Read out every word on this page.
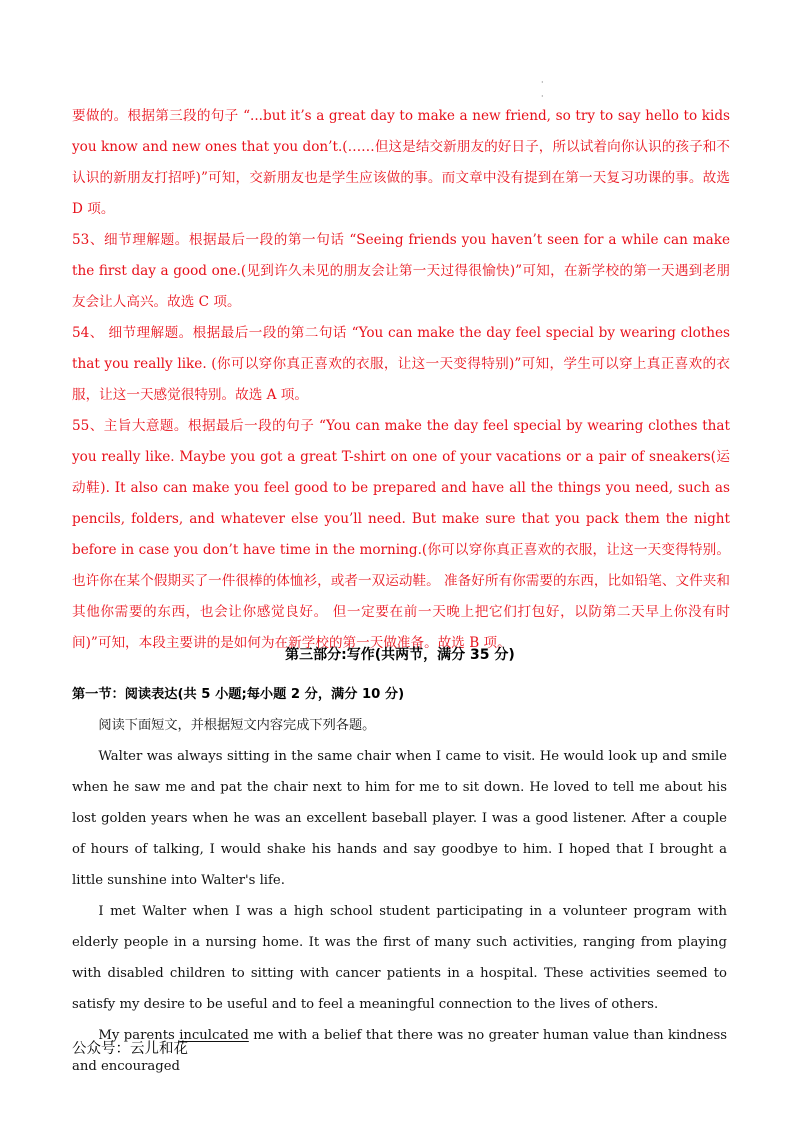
· ·

要做的。根据第三段的句子 “...but it’s a great day to make a new friend, so try to say hello to kids you know and new ones that you don’t.(……但这是结交新朋友的好日子，所以试着向你认识的孩子和不认识的新朋友打招呼)”可知，交新朋友也是学生应该做的事。而文章中没有提到在第一天复习功课的事。故选 D 项。

53、细节理解题。根据最后一段的第一句话 “Seeing friends you haven’t seen for a while can make the first day a good one.(见到许久未见的朋友会让第一天过得很愉快)”可知，在新学校的第一天遇到老朋友会让人高兴。故选 C 项。

54、 细节理解题。根据最后一段的第二句话 “You can make the day feel special by wearing clothes that you really like. (你可以穿你真正喜欢的衣服，让这一天变得特别)”可知，学生可以穿上真正喜欢的衣服，让这一天感觉很特别。故选 A 项。

55、主旨大意题。根据最后一段的句子 “You can make the day feel special by wearing clothes that you really like. Maybe you got a great T-shirt on one of your vacations or a pair of sneakers(运动鞋). It also can make you feel good to be prepared and have all the things you need, such as pencils, folders, and whatever else you’ll need. But make sure that you pack them the night before in case you don’t have time in the morning.(你可以穿你真正喜欢的衣服，让这一天变得特别。 也许你在某个假期买了一件很棒的体恤衫，或者一双运动鞋。 准备好所有你需要的东西，比如铅笔、文件夹和其他你需要的东西，也会让你感觉良好。 但一定要在前一天晚上把它们打包好，以防第二天早上你没有时间)”可知，本段主要讲的是如何为在新学校的第一天做准备。故选 B 项。

第三部分:写作(共两节，满分 35 分)
第一节：阅读表达(共 5 小题;每小题 2 分，满分 10 分)

阅读下面短文，并根据短文内容完成下列各题。

Walter was always sitting in the same chair when I came to visit. He would look up and smile when he saw me and pat the chair next to him for me to sit down. He loved to tell me about his lost golden years when he was an excellent baseball player. I was a good listener. After a couple of hours of talking, I would shake his hands and say goodbye to him. I hoped that I brought a little sunshine into Walter's life.

I met Walter when I was a high school student participating in a volunteer program with elderly people in a nursing home. It was the first of many such activities, ranging from playing with disabled children to sitting with cancer patients in a hospital. These activities seemed to satisfy my desire to be useful and to feel a meaningful connection to the lives of others.

My parents inculcated me with a belief that there was no greater human value than kindness and encouraged

公众号：云儿和花
